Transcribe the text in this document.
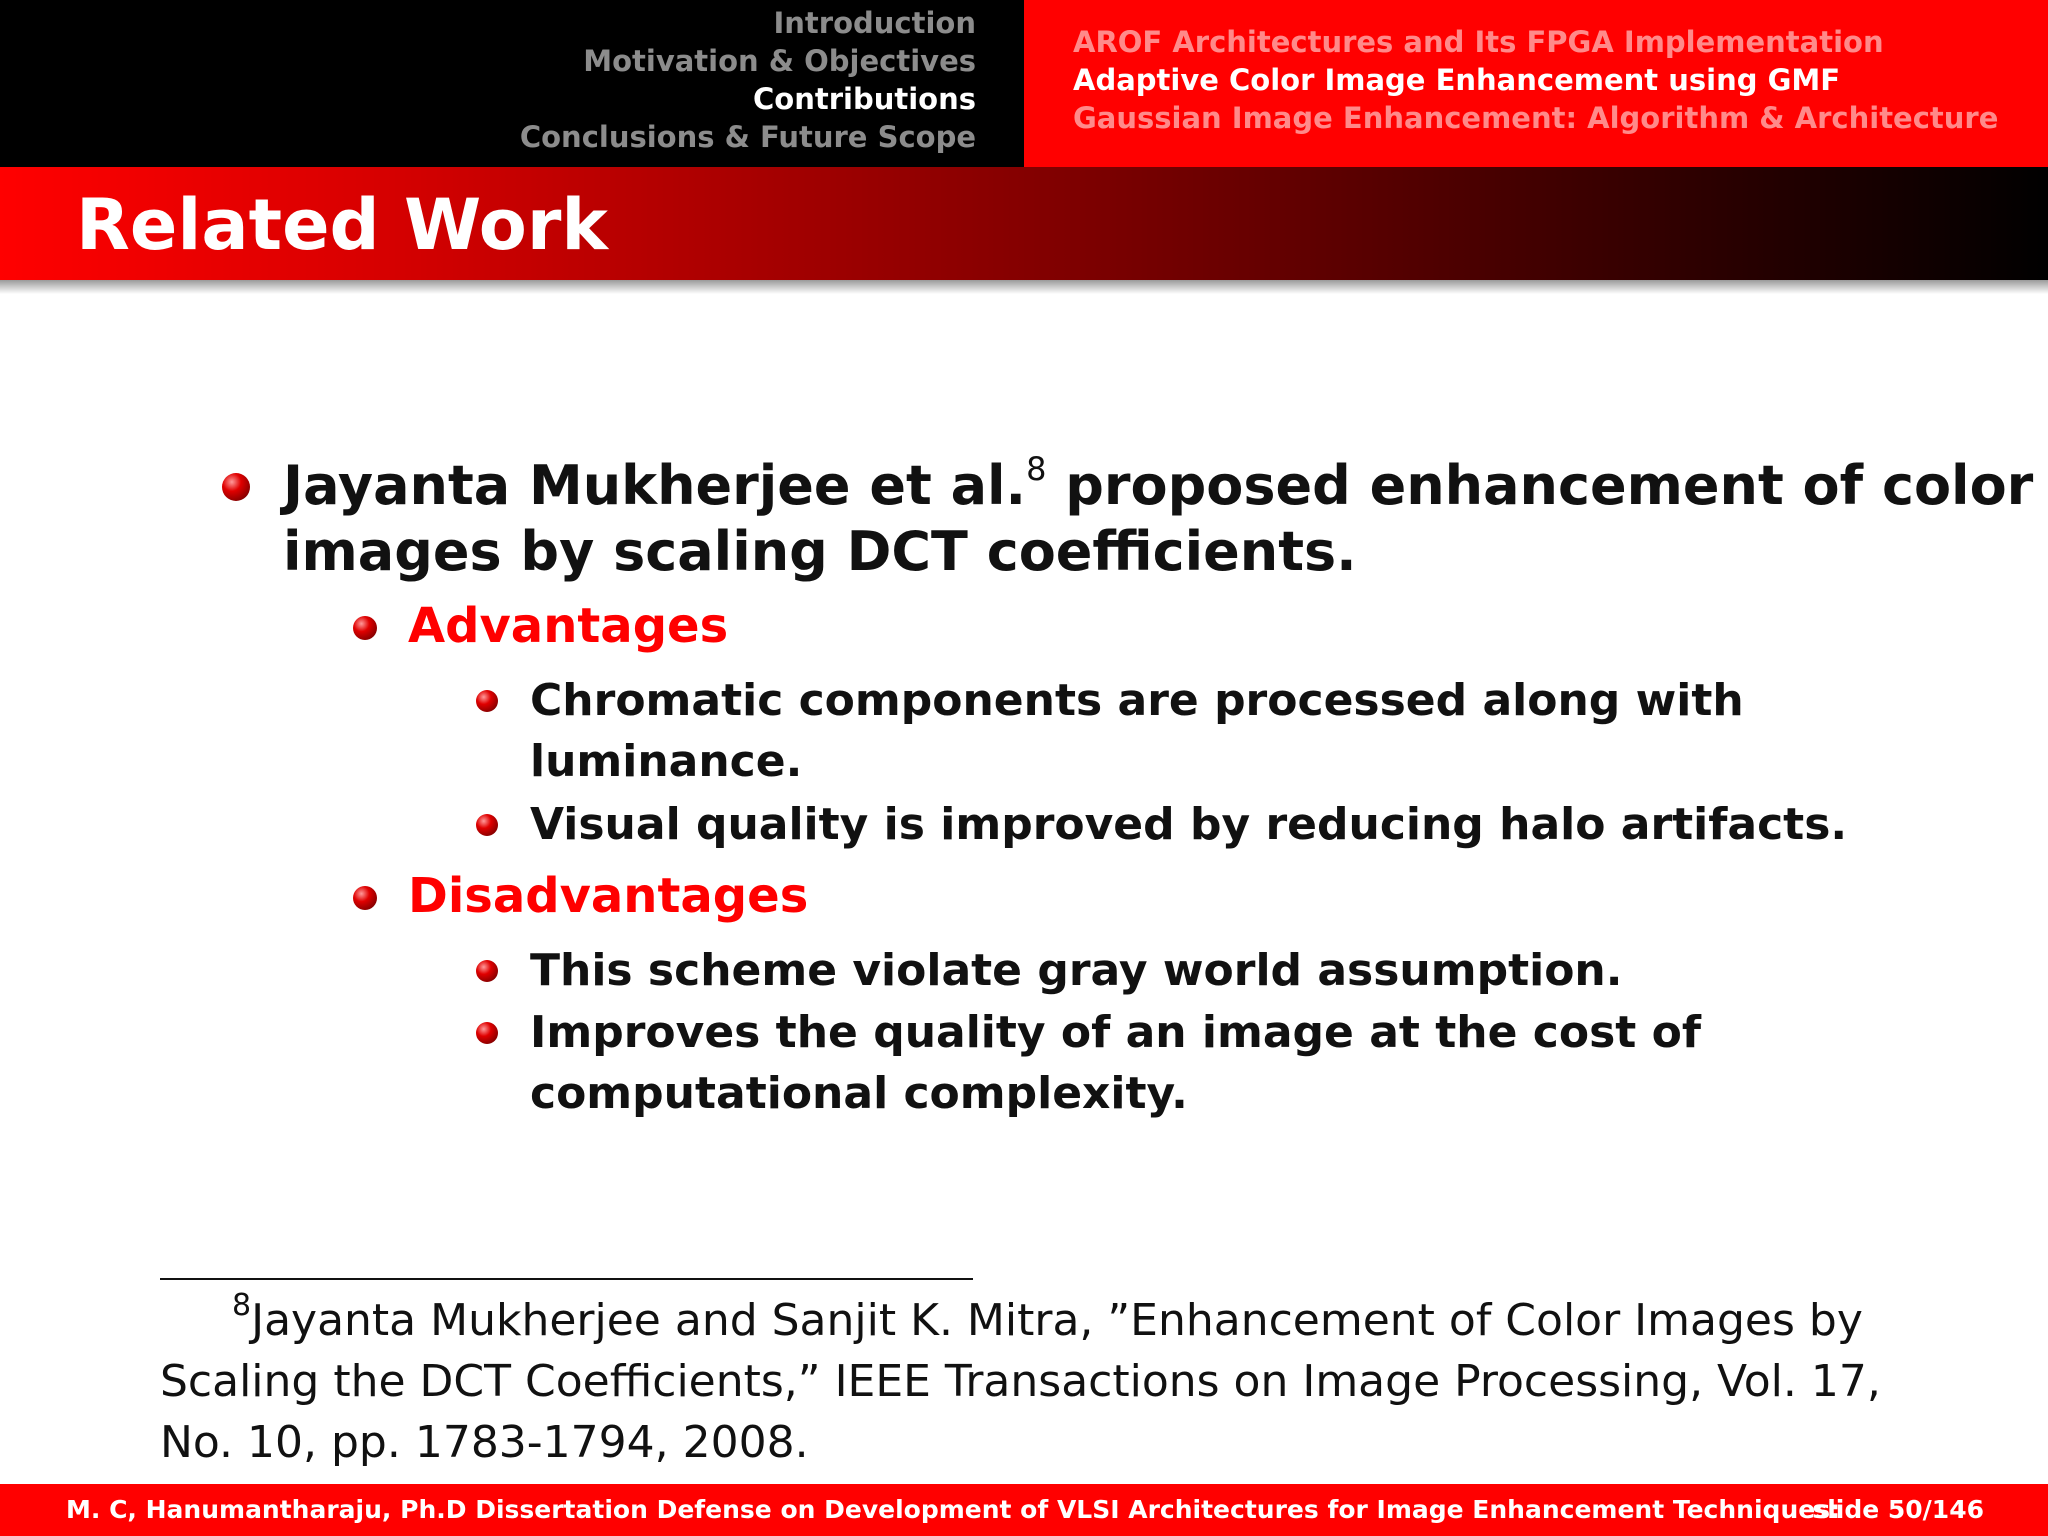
Introduction
Motivation & Objectives
Contributions
Conclusions & Future Scope
AROF Architectures and Its FPGA Implementation
Adaptive Color Image Enhancement using GMF
Gaussian Image Enhancement: Algorithm & Architecture
Related Work
Jayanta Mukherjee et al.$^8$ proposed enhancement of color
images by scaling DCT coefficients.
Advantages
Chromatic components are processed along with
luminance.
Visual quality is improved by reducing halo artifacts.
Disadvantages
This scheme violate gray world assumption.
Improves the quality of an image at the cost of
computational complexity.
$^8$Jayanta Mukherjee and Sanjit K. Mitra, ”Enhancement of Color Images by
Scaling the DCT Coefficients,” IEEE Transactions on Image Processing, Vol. 17,
No. 10, pp. 1783-1794, 2008.
M. C, Hanumantharaju, Ph.D Dissertation Defense on Development of VLSI Architectures for Image Enhancement Techniques:
slide 50/146
